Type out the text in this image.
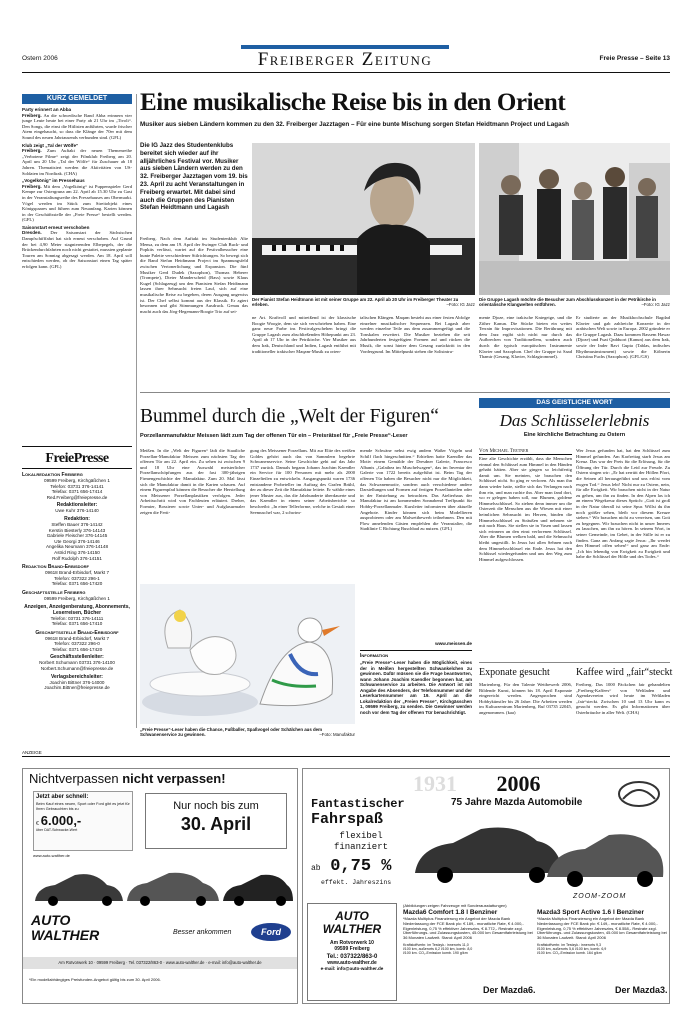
Ostern 2006	Freiberger Zeitung	Freie Presse – Seite 13
KURZ GEMELDET

Party erinnert an Abba
Freiberg. An die schwedische Band Abba erinnern vier junge Leute heute bei einer Party ab 21 Uhr im „Tivoli“. Den Songs, die einst die Hitlisten anführten, wurde frischer Atem eingehaucht, so dass die Klänge der 70er mit dem Sound des neuen Jahrtausends verbunden sind. (GFL)

Klub zeigt „Tal der Wölfe“
Freiberg. Zum Auftakt der neuen Themenreihe „Verbotene Filme“ zeigt der Filmklub Freiberg am 20. April um 20 Uhr „Tal der Wölfe“ für Zuschauer ab 18 Jahren. Thematisiert werden die Aktivitäten von US-Soldaten im Nordirak. (CHA)

„Vogelkönig“ im Pressehaus
Freiberg. Mit dem „Vogelkönig“ ist Puppenspieler Gerd Kempe zur Ostergrunа am 22. April ab 15.30 Uhr zu Gast in der Veranstaltungsreihe des Pressehauses am Obermarkt. Vögel werden im Stück zum Streitobjekt eines Königspaares und führen zum Neuanfang. Karten können in der Geschäftsstelle der „Freie Presse“ bestellt werden. (GFL)

Saisonstart erneut verschoben
Dresden. Der Saisonstart der Sächsischen Dampfschifffahrt hat sich erneut verschoben. Auf Grund der bei 4,90 Meter stagnierenden Elbepegels, der die Brückendurchfahrten noch nicht gestattet, mussten geplante Touren am Sonntag abgesagt werden. Am 18. April soll entschieden werden, ob der Saisonstart einen Tag später erfolgen kann. (GFL)

FreiePresse
Lokalredaktion Freiberg
09599 Freiberg, Kirchgäßchen 1
Telefon: 03731 376-14141
Telefax: 0371 656-17414
Red.Freiberg@freiepresse.de
Redaktionsleiter:
Uwe Kuhr 376-14140
Redaktion:
Steffen Bauer 376-14142
Kerstin Biesterly 376-14143
Gabriele Fleischer 376-14145
Ute Georgi 376-14146
Angelika Neumann 376-14148
Astrid Ring 376-14150
Rolf Rudolph 376-14151
Redaktion Brand-Erbisdorf
09618 Brand-Erbisdorf, Markt 7
Telefon: 037322 296-1
Telefax: 0371 656-17420
Geschäftsstelle Freiberg
09599 Freiberg, Kirchgäßchen 1
Anzeigen, Anzeigenberatung, Abonnements, Leserreisen, Bücher
Telefon: 03731 376-14111
Telefax: 0371 656-17410
Geschäftsstelle Brand-Erbisdorf
09618 Brand-Erbisdorf, Markt 7
Telefon: 037322 296-0
Telefax: 0371 656-17420
Geschäftsstellenleiter:
Norbert Schumann 03731 376-14100
Norbert.Schumann@freiepresse.de
Verlagsbereichsleiter:
Joachim Bittner 376-14000
Joachim.Bittner@freiepresse.de
Eine musikalische Reise bis in den Orient
Musiker aus sieben Ländern kommen zu den 32. Freiberger Jazztagen – Für eine bunte Mischung sorgen Stefan Heidtmann Project und Lagash
Die IG Jazz des Studentenklubs bereitet sich wieder auf ihr alljährliches Festival vor. Musiker aus sieben Ländern werden zu den 32. Freiberger Jazztagen vom 19. bis 23. April zu acht Veranstaltungen in Freiberg erwartet. Mit dabei sind auch die Gruppen des Pianisten Stefan Heidtmann und Lagash
Der Pianist Stefan Heidtmann ist mit seiner Gruppe am 22. April ab 20 Uhr im Freiberger Theater zu erleben.	–Foto: IG Jazz
Die Gruppe Lagash möchte die Besucher zum Abschlusskonzert in der Petrikirche in orientalische Klangwelten entführen.	–Foto: IG Jazz
Freiberg. Nach dem Auftakt im Studentenklub Alte Mensa, zu dem am 19. April der Swinger Club Buck- und Popkits verlässt, wartet auf die Festivalbesucher eine bunte Palette verschiedener Stilrichtungen. So bewegt sich die Band Stefan Heidtmann Project im Spannungsfeld zwischen Vertonerlichung und Expansion. Die fünf Musiker Gerd Dudek (Saxophon), Thomas Heberer (Trompete), Dieter Manderscheid (Bass) sowie Klaus Kugel (Schlagzeug) um den Pianisten Stefan Heidtmann lassen ihrer Sehnsucht freien Lauf, sich auf eine musikalische Reise zu begeben, deren Ausgang ungewiss ist. Der Chef selbst kommt aus der Klassik. Er agiert besonnen und gibt Stimmungen Ausdruck. Genau das macht auch das Jörg-Hegemann-Boogie Trio auf sei-
ne Art. Kraftvoll und mitreißend ist der klassische Boogie Woogie, dem sie sich verschrieben haben. Eine ganz neue Farbe ins Festivalgeschehen bringt die Gruppe Lagash zum abschließenden Höhepunkt am 23. April ab 17 Uhr in der Petrikirche. Vier Musiker aus dem Irak, Deutschland und Indien, Lagash entführt mit traditioneller irakischer Maqam-Musik zu orien-
talischen Klängen. Maqam besteht aus einer festen Abfolge einzelner musikalischer Sequenzen. Bei Lagash aber werden einzelne Teile aus dem zusammengefügt und die Tonskalen erweitert. Die Musiker beziehen die seit Jahrhunderten festgefügten Formen auf und rücken die Musik, die sonst hinter dem Gesang zurücktritt in den Vordergrund. Im Mittelpunkt stehen die Solisintru-
mente Djoze, eine irakische Kniegeige, und die Zither Kanun. Die Stücke bieten ein weites Terrain für Improvisationen. Die Berührung mit dem Jazz ergibt sich nicht nur durch das Aufbrechen von Traditionellem, sondern auch durch die typisch europäischen Instrumente Klavier und Saxophon. Chef der Gruppe ist Saad Thamir (Gesang, Klavier, Schlagtrommel).
Er studierte an der Musikhochschule Bagdad Klavier und gab zahlreiche Konzerte in der arabischen Welt sowie in Europa. 2002 gründete er die Gruppe Lagash. Dazu kommen Bassem Hawar (Djoze) und Fuat Qadduori (Kanun) aus dem Irak, sowie der Inder Ravi Gupta (Tablas, indisches Rhythmusinstrument) sowie die Kölnerin Christina Fuchs (Saxophon). (GFL/GS)
Bummel durch die „Welt der Figuren“
Porzellanmanufaktur Meissen lädt zum Tag der offenen Tür ein – Preisrätsel für „Freie Presse“-Leser
Meißen. In die „Welt der Figuren“ lädt die Staatliche Porzellan-Manufaktur Meissen zum nächsten Tag der offenen Tür am 22. April ein. Zu sehen ist zwischen 9 und 18 Uhr eine Auswahl meisterlicher Porzellanschöpfungen aus der fast 300-jährigen Firmengeschichte der Manufaktur. Zum 20. Mal lässt sich die Manufaktur damit in die Karten schauen. Auf einem Figurenpfad können die Besucher die Herstellung von Meissener Porzellanplastiken verfolgen. Jeder Arbeitsschritt wird von Fachleuten erläutert. Dreher, Formier, Bossierer sowie Unter- und Aufglasurmaler zeigen die Ferti-
gung des Meissener Porzellans. Mit zur Elite des weißen Goldes gehört auch das von Sammlern begehrte Schwanenservice. Seine Geschichte geht auf das Jahr 1737 zurück. Damals begann Johann Joachim Kaendler ein Service für 100 Personen mit mehr als 2000 Einzelteilen zu entwickeln. Ausgangspunkt waren 1736 entstandene Probeteller im Auftrag des Grafen Brühl, der zu dieser Zeit die Manufaktur leitete. Er wählte eines jener Muster aus, das die Jahrhunderte überdauerte und das Kaendler in einem seiner Arbeitsberichte so beschreibt: „In einer Tellerforme, welche in Gestalt einer Seemuschel war, 2 schwim-
mende Schwäne nebst ewig andern Waßer Vögeln und Schilf flach hingeschnitten.“ Erhielten hatte Kaendler das Motiv einem Gemälde der Dresdner Galerie, Francesco Albanis „Galathea im Muschelwagen“, das im Inventar der Galerie von 1722 bereits aufgeführt ist. Beim Tag der offenen Tür haben die Besucher nicht nur die Möglichkeit, das Schwanenmotiv, sondern auch verschiedene andere Darstellungen und Formen auf fertigen Porzellanteilen oder in der Entstehung zu betrachten. Das Atelierhaus der Manufaktur ist am kommenden Sonnabend Treffpunkt für Hobby-Porzellanmaler. Kursleiter informieren über aktuelle Angebote. Kinder können sich beim Modellieren ausprobieren oder am Malwettbewerb teilnehmen. Den mit Plow annelenden Gästen empfehlen die Veranstalter, die Stadtlinie C Richtung Buschbad zu nutzen. (GFL)
www.meissen.de
„Freie Presse“-Leser haben die Chance, Fußballer, Spaßvogel oder Schälchen aus dem Schwanenservice zu gewinnen.	–Foto: Manufaktur
Information
„Freie Presse“-Leser haben die Möglichkeit, eines der in Meißen hergestellten Schwankelchen zu gewinnen. Dafür müssen sie die Frage beantworten, wann Johann Joachim Kaendler begonnen hat, am Schwanenservice zu arbeiten. Die Antwort ist mit Angabe des Absenders, der Telefonnummer und der Leserkartennummer am 19. April an die Lokalredaktion der „Freien Presse“, Kirchgässchen 1, 09599 Freiberg, zu senden. Die Gewinner werden noch vor dem Tag der offenen Tür benachrichtigt.
DAS GEISTLICHE WORT
Das Schlüsselerlebnis
Eine kirchliche Betrachtung zu Ostern
Von Michael Teetner
Eine alte Geschichte erzählt, dass die Menschen einmal den Schlüssel zum Himmel in den Händen gehabt hätten. Aber sie gingen so leichtfertig damit um. Sie meinten, sie brauchen den Schlüssel nicht. So ging er verloren. Als man ihn dann wieder hatte, stellte sich das Verlangen nach ihm ein, und man ruchte ihn. Aber man fand dort, wo er gelegen haben soll, nur Blumen, goldene Himmelsschlüssel. So ziehen denn immer um die Osterzeit die Menschen aus die Wiesen mit einer heimlichen Sehnsucht im Herzen, binden die Himmelsschlüssel zu Sträußen und nehmen sie mit nach Haus. Sie stellen sie in Vasen und lassen sich erinnern an den einst verlorenen Schlüssel. Aber die Blumen welken bald, und die Sehnsucht bleibt ungestillt. In Jesus hat allen Sehnen nach dem Himmelsschlüssel ein Ende. Jesus hat den Schlüssel wiedergefunden und uns den Weg zum Himmel aufgeschlossen.
Wer Jesus gefunden hat, hat den Schlüssel zum Himmel gefunden. Am Karfreitag starb Jesus am Kreuz. Das war der Preis für die Erlösung, für die Öffnung der Tür. Durch die Leid zur Freude. Zu Ostern singen wir: „Er hat zerrütt der Höllen Pfort, die Seinen all herausgeführt und uns erlöst vom ewgen Tod.“ Jesus lebt! Nicht nur zu Ostern, nein, für alle Ewigkeit. Wir brauchen nicht in der Natur zu gehen, um ihn zu finden. In den Alpen las ich an einem Wegekreuz dieses Sprüch: „Gott ist groß in der Natur überall ist seine Spur. Willst du ihn noch größer sehen, bleib vor diesem Kreuze stehen.“ Wir brauchen nicht zu verreisen, um Gott zu begegnen. Wir brauchen nicht in unser Inneres zu lauschen, um ihn zu hören. In seinem Wort, in seiner Gemeinde, im Gebet, in der Stille ist er zu finden. Ganz am Anfang sagte Jesus: „Ihr werdet den Himmel offen sehen!“ und ganz am Ende: „Ich bin lebendig von Ewigkeit zu Ewigkeit und habe die Schlüssel der Hölle und des Todes.“
Exponate gesucht
Marienberg. Für den Talente Wettbewerb 2006, Bildende Kunst, können bis 18. April Exponate eingereicht werden. Angesprochen sind Hobbykünstler bis 26 Jahre. Die Arbeiten werden im Kulturzentrum Marienberg, Ruf 03735 22045, angenommen. (kaa)
Kaffee wird „fair“steckt
Freiberg. Das 1000 Päckchen fair gehandelten „Freiberg-Kaffees“ von Weltladen und Agendavereirn wird heute im Weltladen „fair“steckt. Zwischen 10 und 13 Uhr kann es gesucht werden. Es gibt Informationen über Osterbräuche in aller Welt. (CHA)
ANZEIGE
Nichtverpassen nicht verpassen!
Jetzt aber schnell:
Beim Kauf eines neuen, Sport oder Ford gibt es jetzt für Ihren Gebrauchten bis zu
€ 6.000,-
über DAT-Schwacke-Wert
www.auto-walther.de
Nur noch bis zum
30. April
AUTO WALTHER	Besser ankommen	Ford
Am Rotvorwerk 10 · 09599 Freiberg · Tel. 037322/863-0 · www.auto-walther.de · e-mail: info@auto-walther.de
*Ein modellabhängiges Preisfunden-Angebot gültig bis zum 30. April 2006.
1931 2006
75 Jahre Mazda Automobile
Fantastischer
Fahrspaß
flexibel finanziert
ab 0,75 %
effekt. Jahreszins
ZOOM-ZOOM
(Abbildungen zeigen Fahrzeuge mit Sonderausstattungen)
AUTO WALTHER
Am Rotvorwerk 10
09599 Freiberg
Tel.: 037322/863-0
www.auto-walther.de
e-mail: info@auto-walther.de
Mazda6 Comfort 1.8 l Benziner
*Mazda Multiplus Finanzierung ein Angebot der Mazda Bank Niederlassung der FCE Bank plc: € 189,- monatliche Rate, € 4.000,- Eigenleistung, 0,75 % effektiver Jahreszins, € 8.772,- Restrate zzgl. Überführungs- und Zulassungskosten, 45.000 km Gesamtfahrleistung bei 36 Monaten Laufzeit. Stand: April 2006
Kraftstoffverbr. im Testzyk.: innerorts 11,0 l/100 km, außerorts 6,2 l/100 km, komb. 8,0 l/100 km. CO₂-Emission komb. 190 g/km
Der Mazda6.
Mazda3 Sport Active 1.6 l Benziner
*Mazda Multiplus Finanzierung ein Angebot der Mazda Bank Niederlassung der FCE Bank plc: € 149,- monatliche Rate, € 4.000,- Eigenleistung, 0,75 % effektiver Jahreszins, € 8.558,- Restrate zzgl. Überführungs- und Zulassungskosten, 45.000 km Gesamtfahrleistung bei 36 Monaten Laufzeit. Stand: April 2006
Kraftstoffverbr. im Testzyk.: innerorts 9,3 l/100 km, außerorts 5,6 l/100 km, komb. 6,9 l/100 km. CO₂-Emission komb. 164 g/km
Der Mazda3.
